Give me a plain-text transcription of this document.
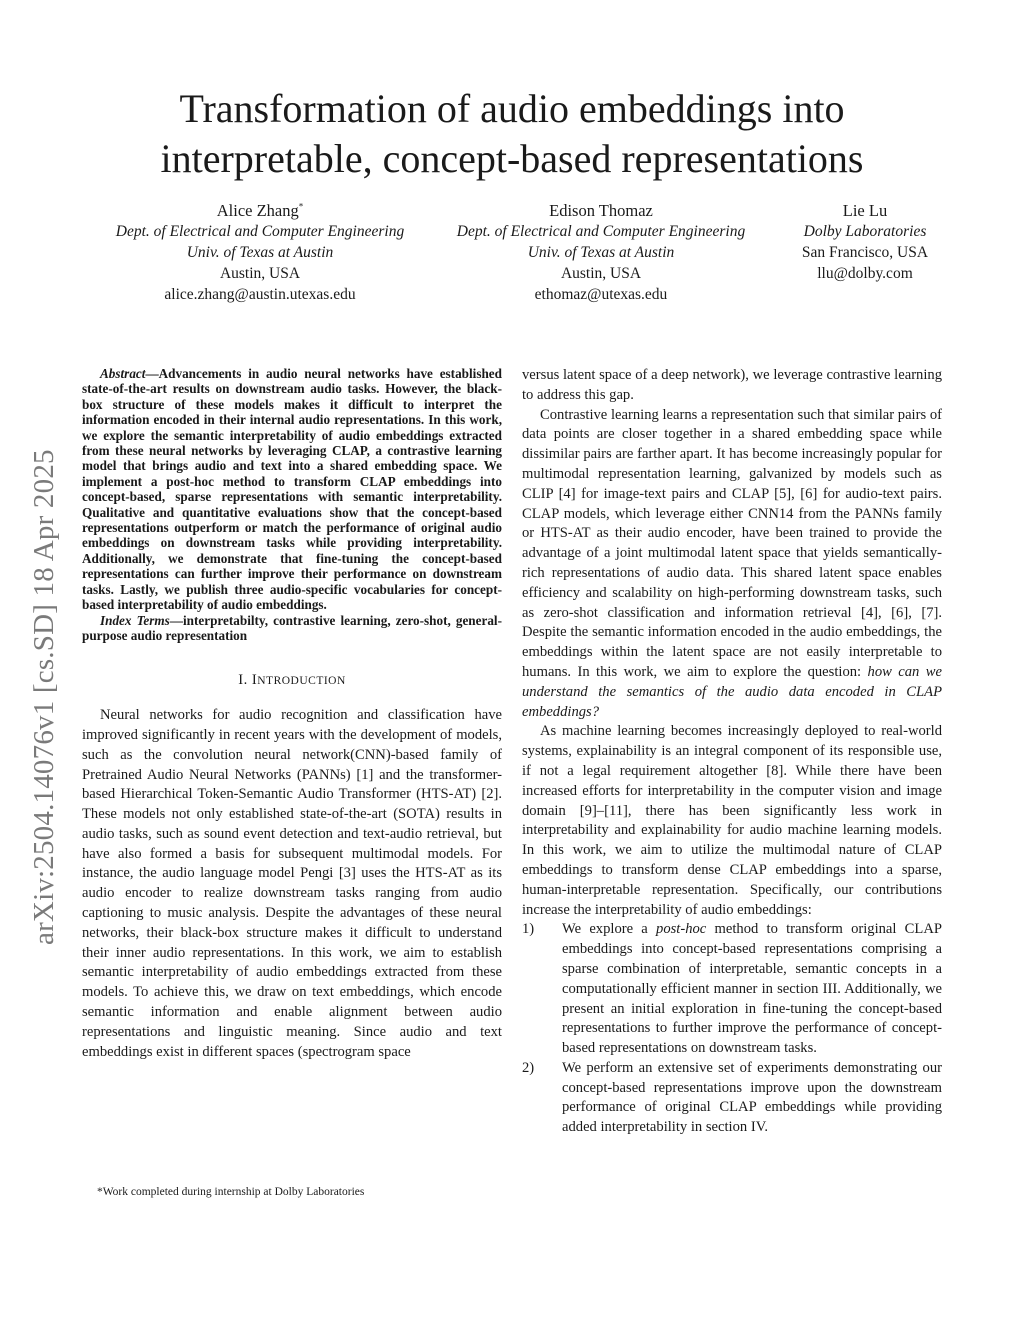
Transformation of audio embeddings into
interpretable, concept-based representations
Alice Zhang*
Dept. of Electrical and Computer Engineering
Univ. of Texas at Austin
Austin, USA
alice.zhang@austin.utexas.edu
Edison Thomaz
Dept. of Electrical and Computer Engineering
Univ. of Texas at Austin
Austin, USA
ethomaz@utexas.edu
Lie Lu
Dolby Laboratories
San Francisco, USA
llu@dolby.com
arXiv:2504.14076v1 [cs.SD] 18 Apr 2025

Abstract—Advancements in audio neural networks have established state-of-the-art results on downstream audio tasks. However, the black-box structure of these models makes it difficult to interpret the information encoded in their internal audio representations. In this work, we explore the semantic interpretability of audio embeddings extracted from these neural networks by leveraging CLAP, a contrastive learning model that brings audio and text into a shared embedding space. We implement a post-hoc method to transform CLAP embeddings into concept-based, sparse representations with semantic interpretability. Qualitative and quantitative evaluations show that the concept-based representations outperform or match the performance of original audio embeddings on downstream tasks while providing interpretability. Additionally, we demonstrate that fine-tuning the concept-based representations can further improve their performance on downstream tasks. Lastly, we publish three audio-specific vocabularies for concept-based interpretability of audio embeddings.

Index Terms—interpretabilty, contrastive learning, zero-shot, general-purpose audio representation

I. INTRODUCTION

Neural networks for audio recognition and classification have improved significantly in recent years with the development of models, such as the convolution neural network(CNN)-based family of Pretrained Audio Neural Networks (PANNs) [1] and the transformer-based Hierarchical Token-Semantic Audio Transformer (HTS-AT) [2]. These models not only established state-of-the-art (SOTA) results in audio tasks, such as sound event detection and text-audio retrieval, but have also formed a basis for subsequent multimodal models. For instance, the audio language model Pengi [3] uses the HTS-AT as its audio encoder to realize downstream tasks ranging from audio captioning to music analysis. Despite the advantages of these neural networks, their black-box structure makes it difficult to understand their inner audio representations. In this work, we aim to establish semantic interpretability of audio embeddings extracted from these models. To achieve this, we draw on text embeddings, which encode semantic information and enable alignment between audio representations and linguistic meaning. Since audio and text embeddings exist in different spaces (spectrogram space

*Work completed during internship at Dolby Laboratories

versus latent space of a deep network), we leverage contrastive learning to address this gap.

Contrastive learning learns a representation such that similar pairs of data points are closer together in a shared embedding space while dissimilar pairs are farther apart. It has become increasingly popular for multimodal representation learning, galvanized by models such as CLIP [4] for image-text pairs and CLAP [5], [6] for audio-text pairs. CLAP models, which leverage either CNN14 from the PANNs family or HTS-AT as their audio encoder, have been trained to provide the advantage of a joint multimodal latent space that yields semantically-rich representations of audio data. This shared latent space enables efficiency and scalability on high-performing downstream tasks, such as zero-shot classification and information retrieval [4], [6], [7]. Despite the semantic information encoded in the audio embeddings, the embeddings within the latent space are not easily interpretable to humans. In this work, we aim to explore the question: how can we understand the semantics of the audio data encoded in CLAP embeddings?

As machine learning becomes increasingly deployed to real-world systems, explainability is an integral component of its responsible use, if not a legal requirement altogether [8]. While there have been increased efforts for interpretability in the computer vision and image domain [9]–[11], there has been significantly less work in interpretability and explainability for audio machine learning models. In this work, we aim to utilize the multimodal nature of CLAP embeddings to transform dense CLAP embeddings into a sparse, human-interpretable representation. Specifically, our contributions increase the interpretability of audio embeddings:

1) We explore a post-hoc method to transform original CLAP embeddings into concept-based representations comprising a sparse combination of interpretable, semantic concepts in a computationally efficient manner in section III. Additionally, we present an initial exploration in fine-tuning the concept-based representations to further improve the performance of concept-based representations on downstream tasks.
2) We perform an extensive set of experiments demonstrating our concept-based representations improve upon the downstream performance of original CLAP embeddings while providing added interpretability in section IV.
